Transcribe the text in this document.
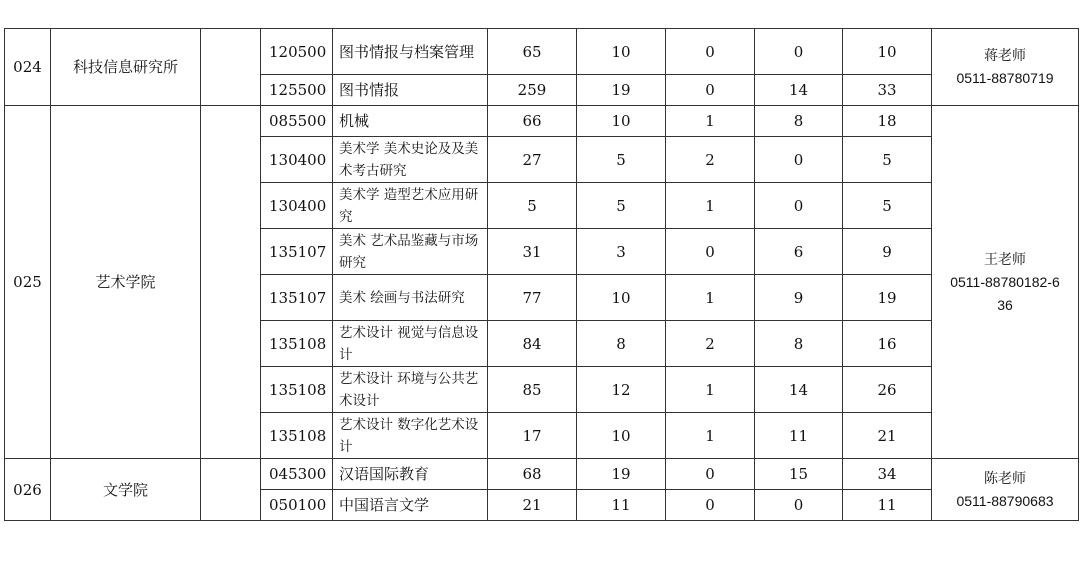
024	科技信息研究所		120500	图书情报与档案管理	65	10	0	0	10	蒋老师
0511-88780719

			125500	图书情报	259	19	0	14	33	
025	艺术学院		085500	机械	66	10	1	8	18	王老师
0511-88780182-636

			130400	美术学 美术史论及及美术考古研究	27	5	2	0	5	
			130400	美术学 造型艺术应用研究	5	5	1	0	5	
			135107	美术 艺术品鉴藏与市场研究	31	3	0	6	9	
			135107	美术 绘画与书法研究	77	10	1	9	19	
			135108	艺术设计 视觉与信息设计	84	8	2	8	16	
			135108	艺术设计 环境与公共艺术设计	85	12	1	14	26	
			135108	艺术设计 数字化艺术设计	17	10	1	11	21	
026	文学院		045300	汉语国际教育	68	19	0	15	34	陈老师
0511-88790683

			050100	中国语言文学	21	11	0	0	11	
